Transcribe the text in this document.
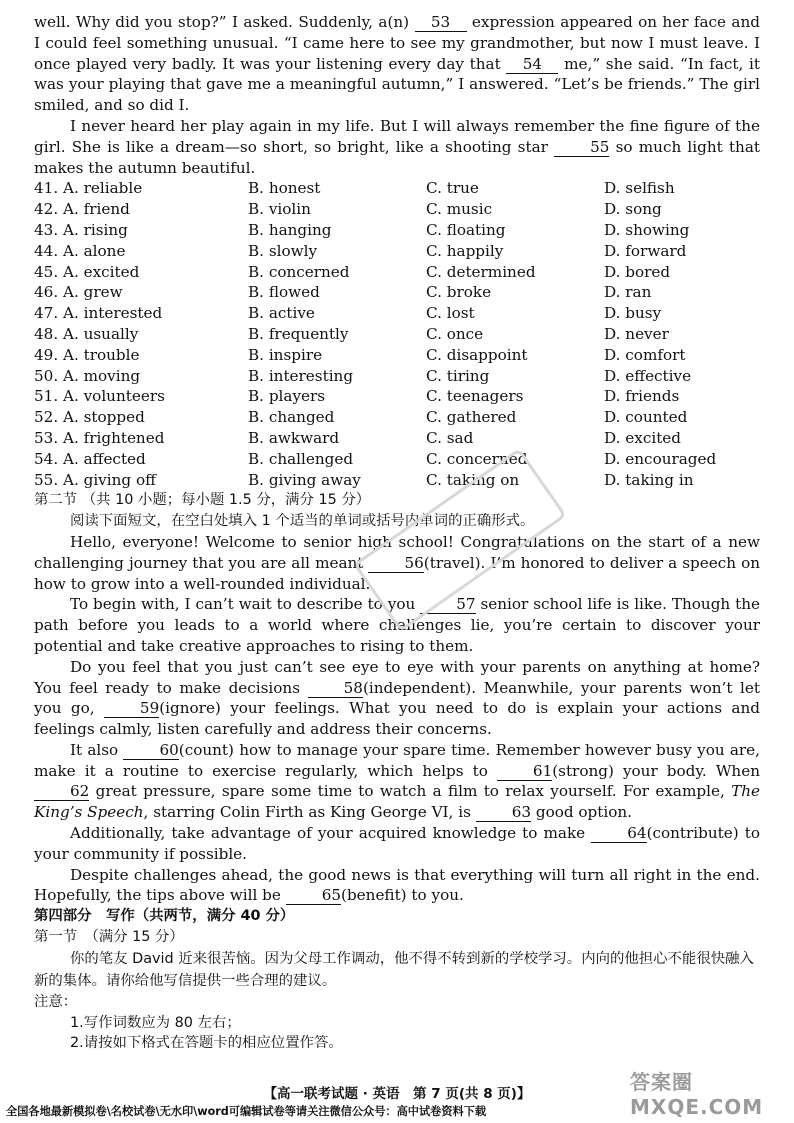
well. Why did you stop?” I asked. Suddenly, a(n) 53 expression appeared on her face and I could feel something unusual. “I came here to see my grandmother, but now I must leave. I once played very badly. It was your listening every day that 54 me,” she said. “In fact, it was your playing that gave me a meaningful autumn,” I answered. “Let’s be friends.” The girl smiled, and so did I.

I never heard her play again in my life. But I will always remember the fine figure of the girl. She is like a dream—so short, so bright, like a shooting star 55 so much light that makes the autumn beautiful.

41. A. reliable	B. honest	C. true	D. selfish
42. A. friend	B. violin	C. music	D. song
43. A. rising	B. hanging	C. floating	D. showing
44. A. alone	B. slowly	C. happily	D. forward
45. A. excited	B. concerned	C. determined	D. bored
46. A. grew	B. flowed	C. broke	D. ran
47. A. interested	B. active	C. lost	D. busy
48. A. usually	B. frequently	C. once	D. never
49. A. trouble	B. inspire	C. disappoint	D. comfort
50. A. moving	B. interesting	C. tiring	D. effective
51. A. volunteers	B. players	C. teenagers	D. friends
52. A. stopped	B. changed	C. gathered	D. counted
53. A. frightened	B. awkward	C. sad	D. excited
54. A. affected	B. challenged	C. concerned	D. encouraged
55. A. giving off	B. giving away	C. taking on	D. taking in

第二节 （共 10 小题；每小题 1.5 分，满分 15 分）

阅读下面短文，在空白处填入 1 个适当的单词或括号内单词的正确形式。

Hello, everyone! Welcome to senior high school! Congratulations on the start of a new challenging journey that you are all meant 56(travel). I’m honored to deliver a speech on how to grow into a well-rounded individual.

To begin with, I can’t wait to describe to you 57 senior school life is like. Though the path before you leads to a world where challenges lie, you’re certain to discover your potential and take creative approaches to rising to them.

Do you feel that you just can’t see eye to eye with your parents on anything at home? You feel ready to make decisions 58(independent). Meanwhile, your parents won’t let you go, 59(ignore) your feelings. What you need to do is explain your actions and feelings calmly, listen carefully and address their concerns.

It also 60(count) how to manage your spare time. Remember however busy you are, make it a routine to exercise regularly, which helps to 61(strong) your body. When 62 great pressure, spare some time to watch a film to relax yourself. For example, The King’s Speech, starring Colin Firth as King George VI, is 63 good option.

Additionally, take advantage of your acquired knowledge to make 64(contribute) to your community if possible.

Despite challenges ahead, the good news is that everything will turn all right in the end. Hopefully, the tips above will be 65(benefit) to you.

第四部分　写作（共两节，满分 40 分）

第一节　（满分 15 分）

你的笔友 David 近来很苦恼。因为父母工作调动，他不得不转到新的学校学习。内向的他担心不能很快融入新的集体。请你给他写信提供一些合理的建议。

注意：

1.写作词数应为 80 左右；

2.请按如下格式在答题卡的相应位置作答。

答案圈 MXQE.COM
【高一联考试题 · 英语　第 7 页(共 8 页)】
全国各地最新模拟卷\名校试卷\无水印\word可编辑试卷等请关注微信公众号：高中试卷资料下载
